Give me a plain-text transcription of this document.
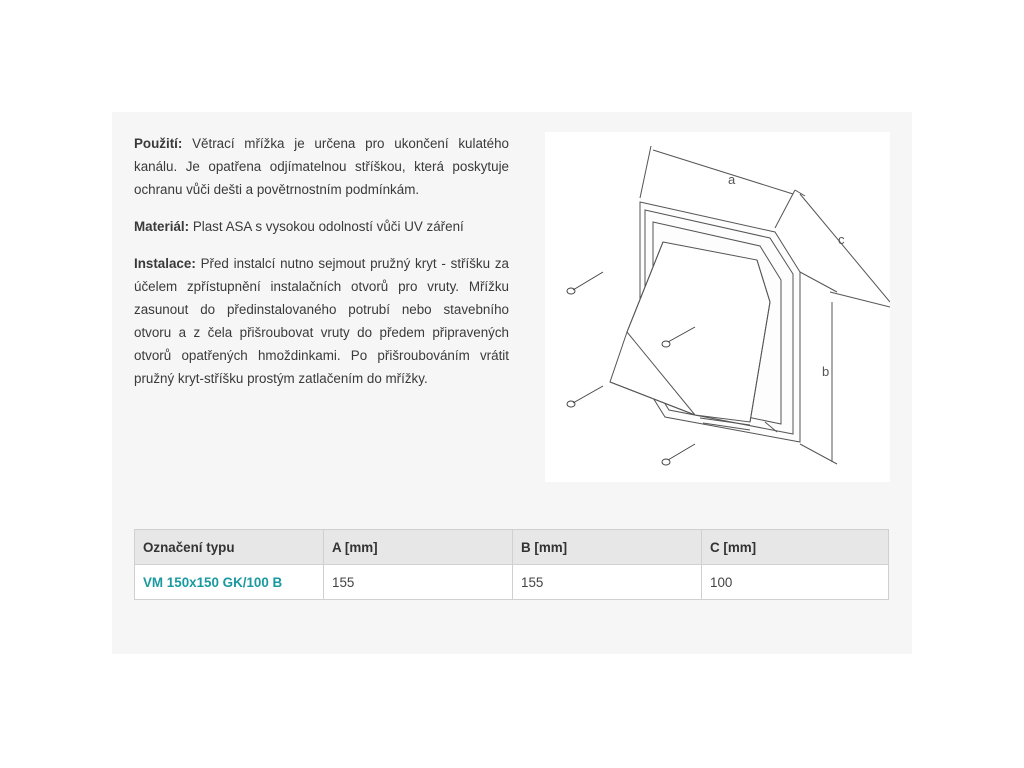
Použití: Větrací mřížka je určena pro ukončení kulatého kanálu. Je opatřena odjímatelnou stříškou, která poskytuje ochranu vůči dešti a povětrnostním podmínkám.

Materiál: Plast ASA s vysokou odolností vůči UV záření

Instalace: Před instalcí nutno sejmout pružný kryt - stříšku za účelem zpřístupnění instalačních otvorů pro vruty. Mřížku zasunout do předinstalovaného potrubí nebo stavebního otvoru a z čela přišroubovat vruty do předem připravených otvorů opatřených hmoždinkami. Po přišroubováním vrátit pružný kryt-stříšku prostým zatlačením do mřížky.

a
c
b
Označení typu	A [mm]	B [mm]	C [mm]
VM 150x150 GK/100 B	155	155	100
